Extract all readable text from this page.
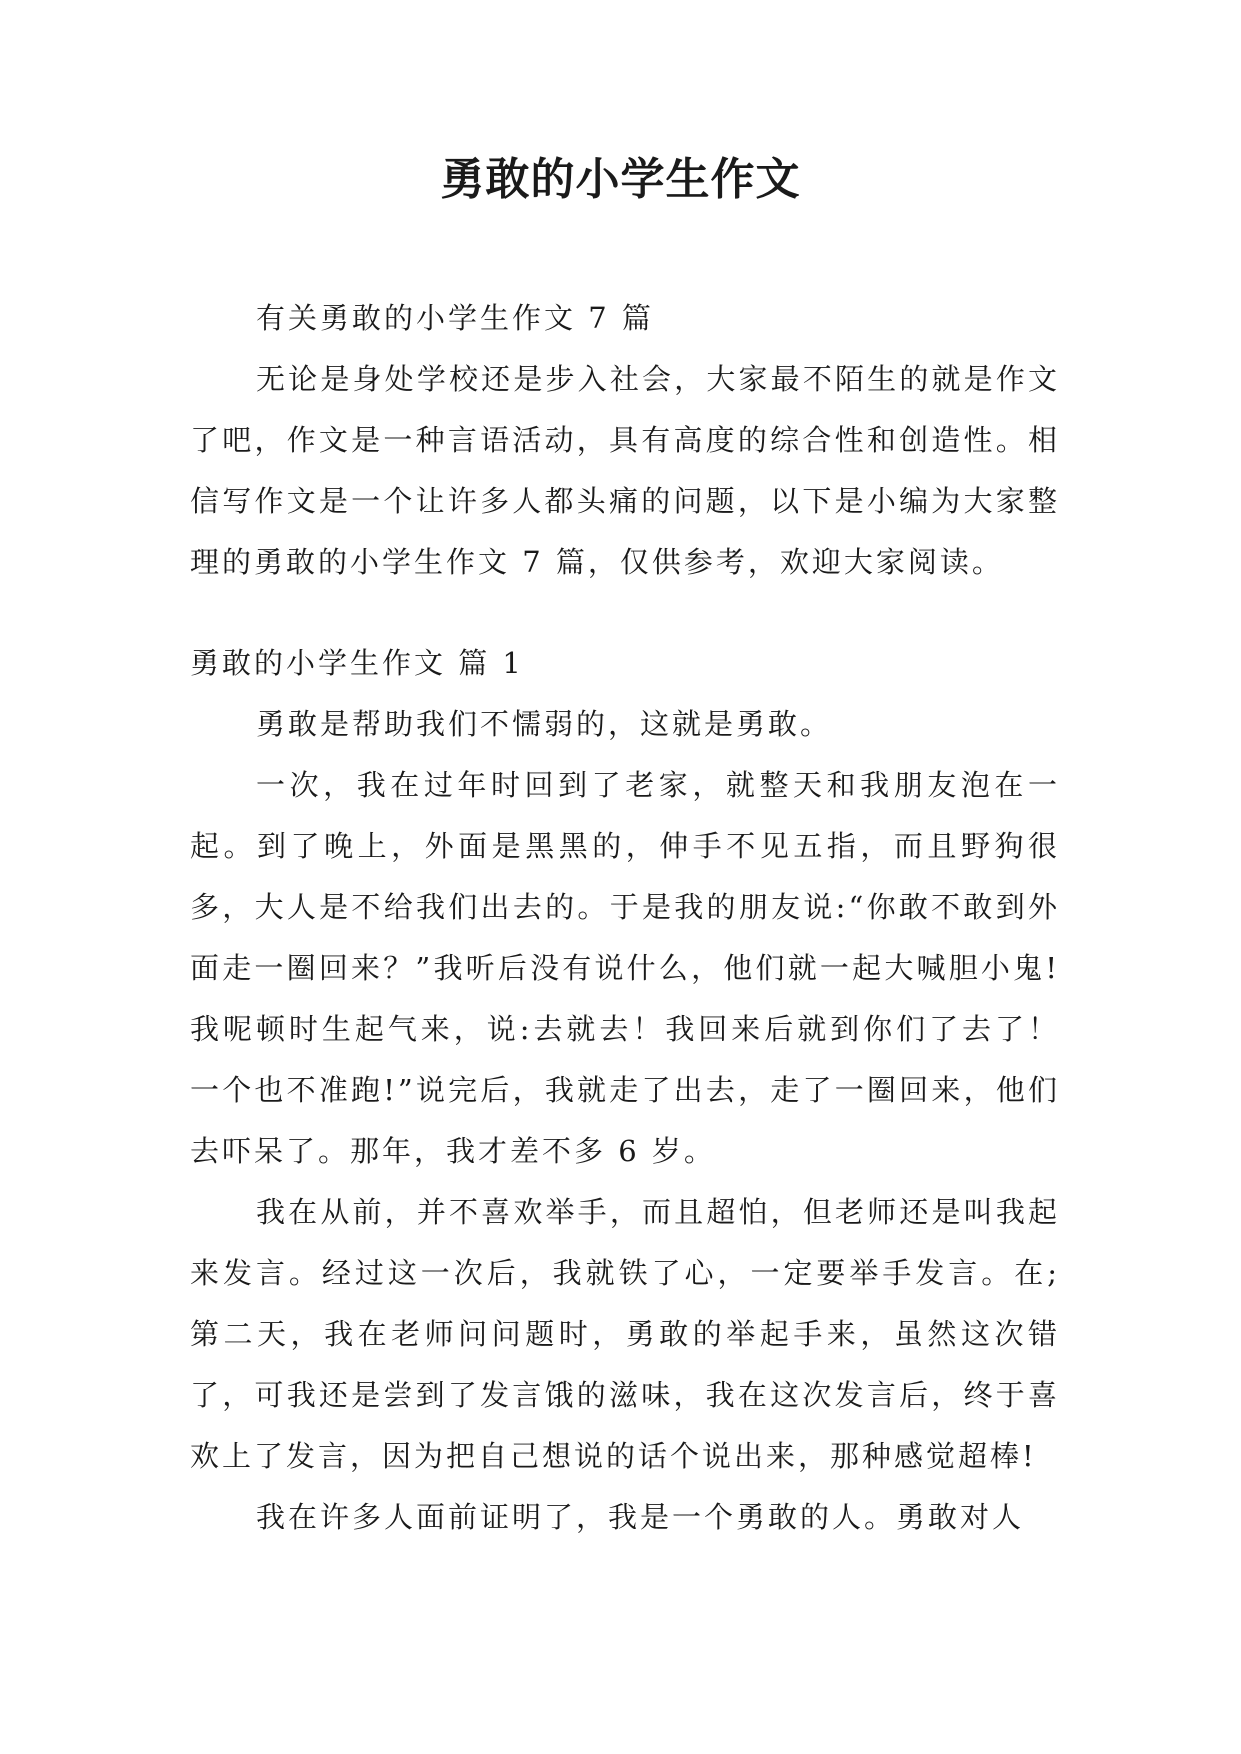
勇敢的小学生作文

有关勇敢的小学生作文 7 篇

无论是身处学校还是步入社会，大家最不陌生的就是作文了吧，作文是一种言语活动，具有高度的综合性和创造性。相信写作文是一个让许多人都头痛的问题，以下是小编为大家整理的勇敢的小学生作文 7 篇，仅供参考，欢迎大家阅读。

勇敢的小学生作文 篇 1

勇敢是帮助我们不懦弱的，这就是勇敢。

一次，我在过年时回到了老家，就整天和我朋友泡在一起。到了晚上，外面是黑黑的，伸手不见五指，而且野狗很多，大人是不给我们出去的。于是我的朋友说:“你敢不敢到外面走一圈回来？”我听后没有说什么，他们就一起大喊胆小鬼!我呢顿时生起气来，说:去就去！我回来后就到你们了去了！一个也不准跑!”说完后，我就走了出去，走了一圈回来，他们去吓呆了。那年，我才差不多 6 岁。

我在从前，并不喜欢举手，而且超怕，但老师还是叫我起来发言。经过这一次后，我就铁了心，一定要举手发言。在;第二天，我在老师问问题时，勇敢的举起手来，虽然这次错了，可我还是尝到了发言饿的滋味，我在这次发言后，终于喜欢上了发言，因为把自己想说的话个说出来，那种感觉超棒!

我在许多人面前证明了，我是一个勇敢的人。勇敢对人
